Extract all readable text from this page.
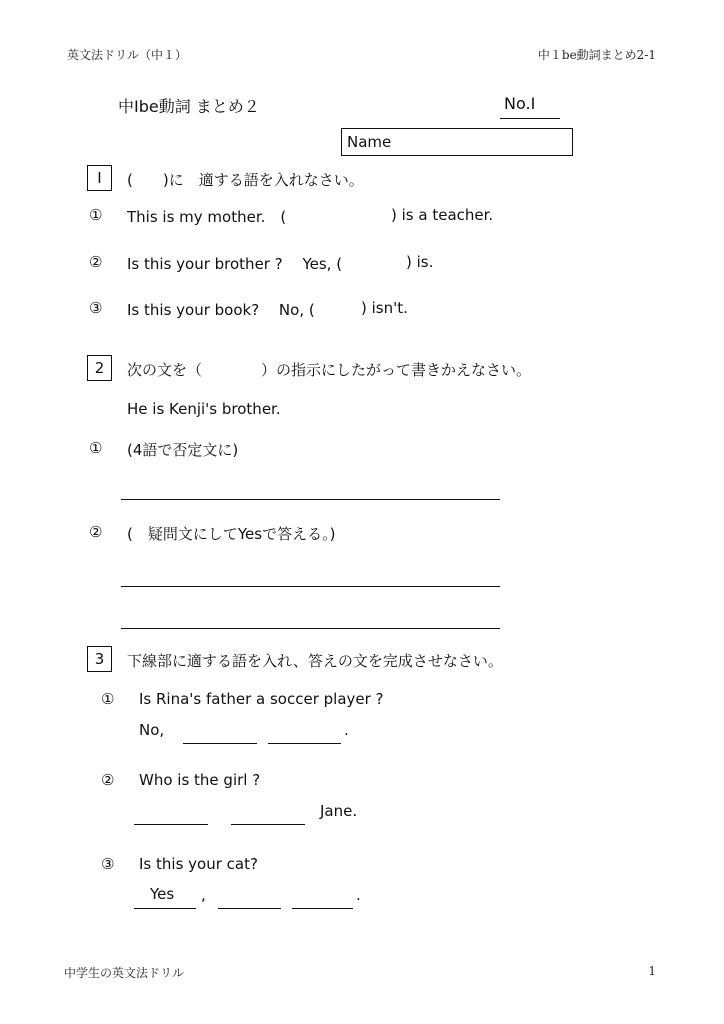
英文法ドリル（中１）	中１be動詞まとめ2-1
中Ⅰbe動詞 まとめ２	No.Ⅰ
Name
Ⅰ	(　　)に　適する語を入れなさい。
① This is my mother.　(	) is a teacher.
② Is this your brother ?　 Yes, (	) is.
③ Is this your book?　 No, (	) isn't.
2	次の文を（	）の指示にしたがって書きかえなさい。
He is Kenji's brother.
① (4語で否定文に)
② (　疑問文にしてYesで答える。)
3	下線部に適する語を入れ、答えの文を完成させなさい。
① Is Rina's father a soccer player ?
No,	.
② Who is the girl ?
Jane.
③ Is this your cat?
Yes ,	.
中学生の英文法ドリル	1
